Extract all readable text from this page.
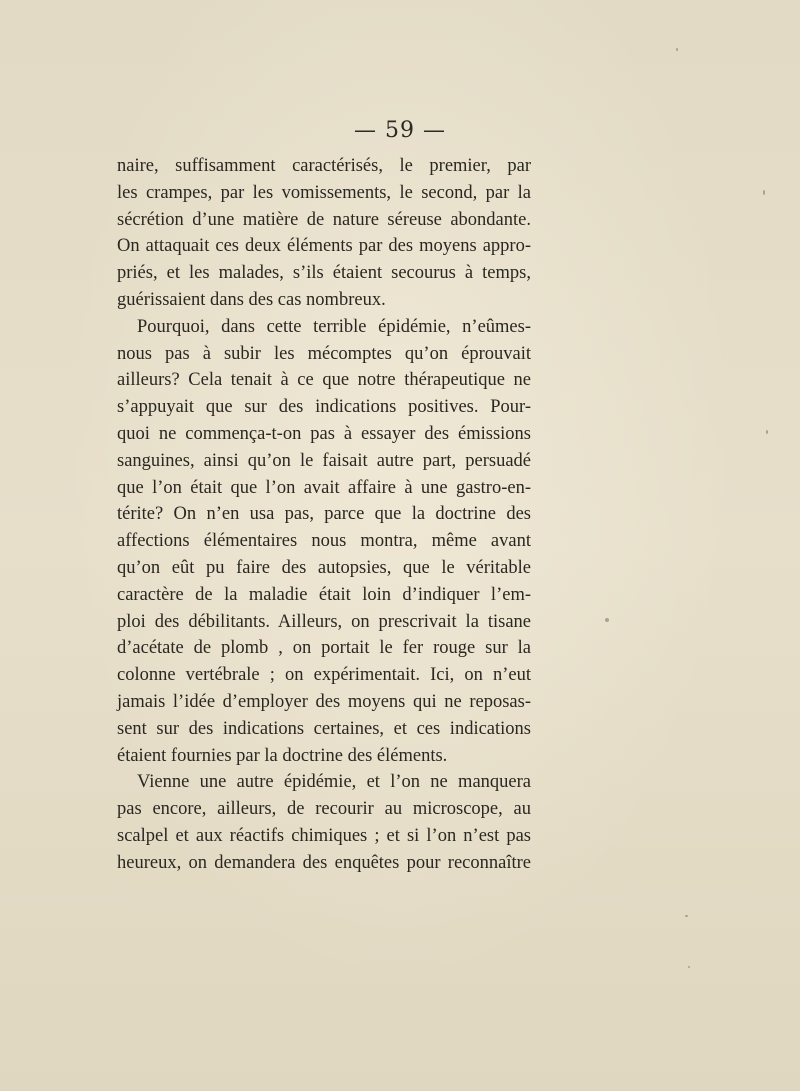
— 59 —
naire, suffisamment caractérisés, le premier, par
les crampes, par les vomissements, le second, par la
sécrétion d’une matière de nature séreuse abondante.
On attaquait ces deux éléments par des moyens appro-
priés, et les malades, s’ils étaient secourus à temps,
guérissaient dans des cas nombreux.
Pourquoi, dans cette terrible épidémie, n’eûmes-
nous pas à subir les mécomptes qu’on éprouvait
ailleurs? Cela tenait à ce que notre thérapeutique ne
s’appuyait que sur des indications positives. Pour-
quoi ne commença-t-on pas à essayer des émissions
sanguines, ainsi qu’on le faisait autre part, persuadé
que l’on était que l’on avait affaire à une gastro-en-
térite? On n’en usa pas, parce que la doctrine des
affections élémentaires nous montra, même avant
qu’on eût pu faire des autopsies, que le véritable
caractère de la maladie était loin d’indiquer l’em-
ploi des débilitants. Ailleurs, on prescrivait la tisane
d’acétate de plomb , on portait le fer rouge sur la
colonne vertébrale ; on expérimentait. Ici, on n’eut
jamais l’idée d’employer des moyens qui ne reposas-
sent sur des indications certaines, et ces indications
étaient fournies par la doctrine des éléments.
Vienne une autre épidémie, et l’on ne manquera
pas encore, ailleurs, de recourir au microscope, au
scalpel et aux réactifs chimiques ; et si l’on n’est pas
heureux, on demandera des enquêtes pour reconnaître
